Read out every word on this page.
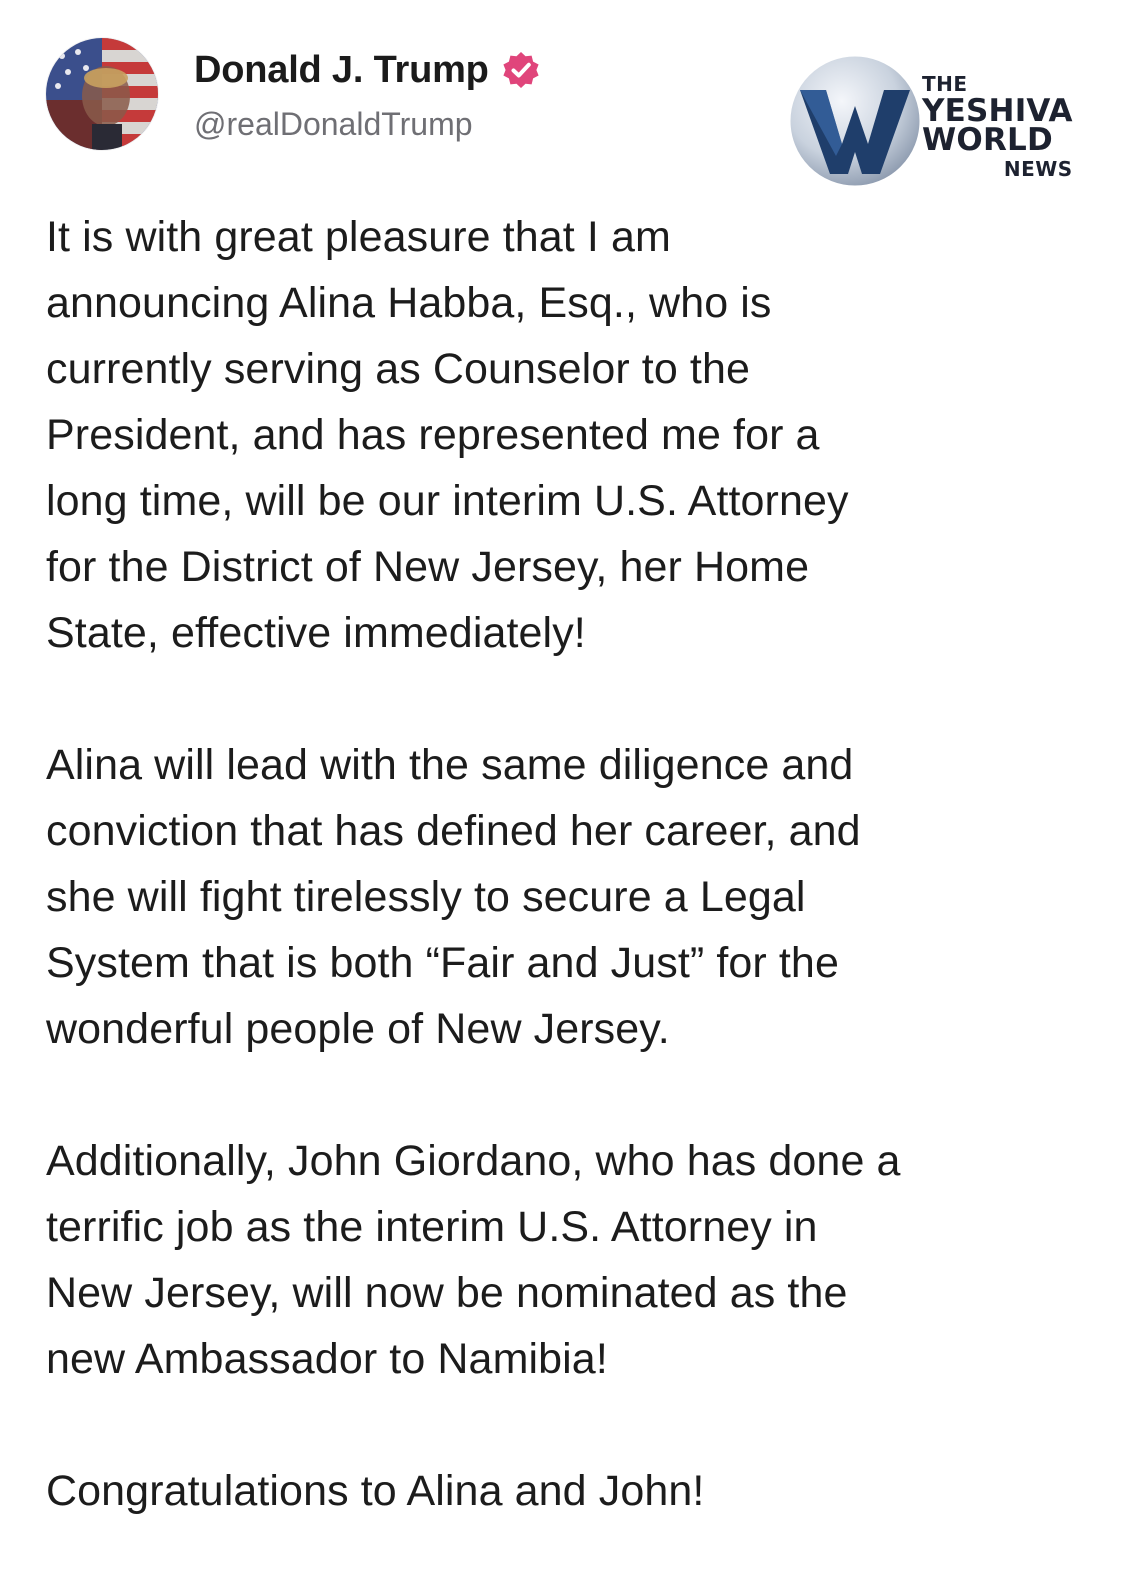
Donald J. Trump
@realDonaldTrump
THE
YESHIVA
WORLD
NEWS

It is with great pleasure that I am
announcing Alina Habba, Esq., who is
currently serving as Counselor to the
President, and has represented me for a
long time, will be our interim U.S. Attorney
for the District of New Jersey, her Home
State, effective immediately!

Alina will lead with the same diligence and
conviction that has defined her career, and
she will fight tirelessly to secure a Legal
System that is both “Fair and Just” for the
wonderful people of New Jersey.

Additionally, John Giordano, who has done a
terrific job as the interim U.S. Attorney in
New Jersey, will now be nominated as the
new Ambassador to Namibia!

Congratulations to Alina and John!
